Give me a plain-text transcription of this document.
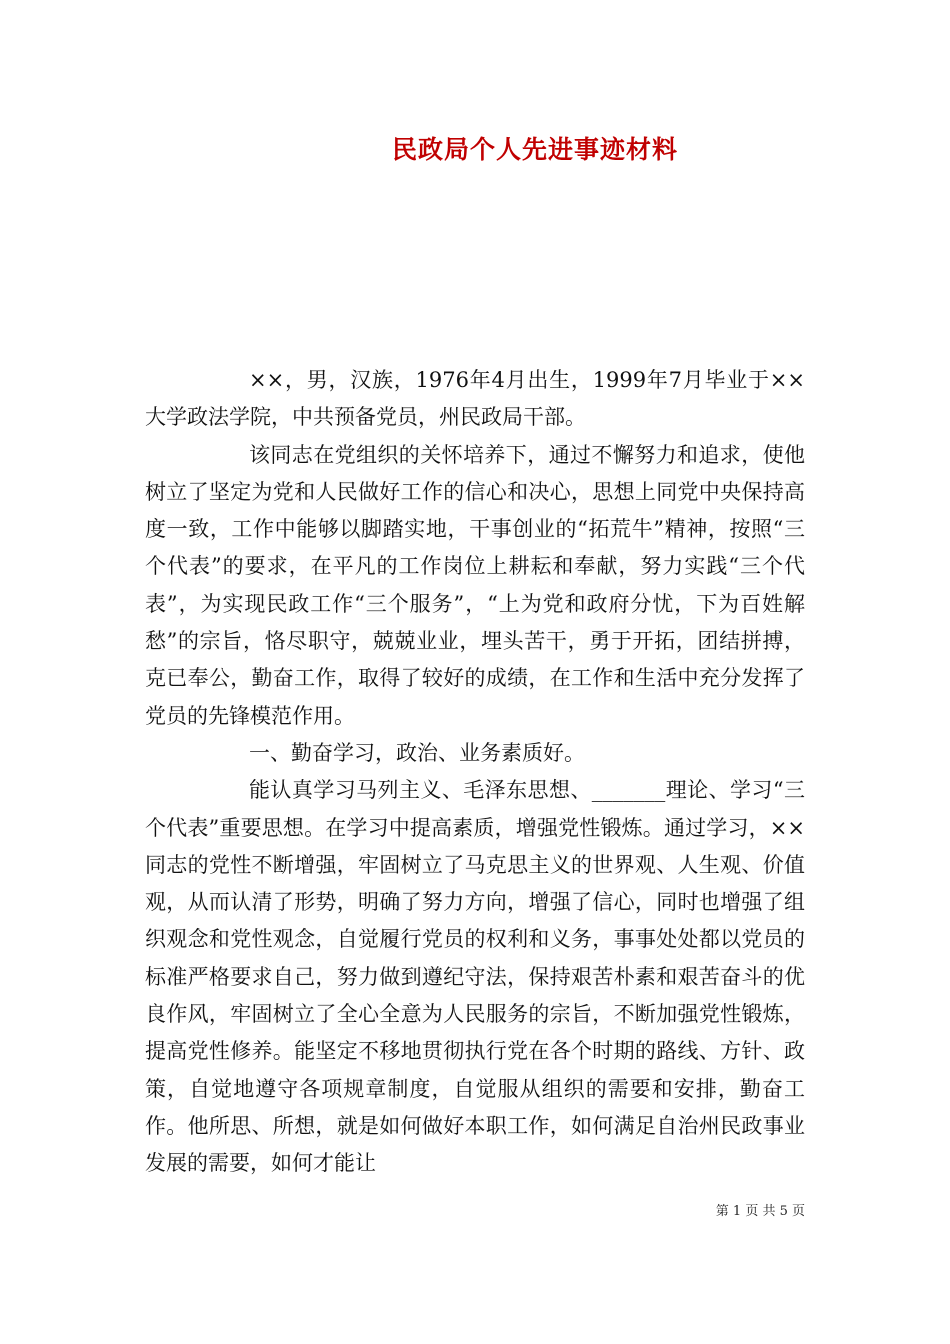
民政局个人先进事迹材料

××，男，汉族，1976年4月出生，1999年7月毕业于××大学政法学院，中共预备党员，州民政局干部。

该同志在党组织的关怀培养下，通过不懈努力和追求，使他树立了坚定为党和人民做好工作的信心和决心，思想上同党中央保持高度一致，工作中能够以脚踏实地，干事创业的“拓荒牛”精神，按照“三个代表”的要求，在平凡的工作岗位上耕耘和奉献，努力实践“三个代表”，为实现民政工作“三个服务”，“上为党和政府分忧，下为百姓解愁”的宗旨，恪尽职守，兢兢业业，埋头苦干，勇于开拓，团结拼搏，克已奉公，勤奋工作，取得了较好的成绩，在工作和生活中充分发挥了党员的先锋模范作用。

一、勤奋学习，政治、业务素质好。

能认真学习马列主义、毛泽东思想、_______理论、学习“三个代表”重要思想。在学习中提高素质，增强党性锻炼。通过学习，××同志的党性不断增强，牢固树立了马克思主义的世界观、人生观、价值观，从而认清了形势，明确了努力方向，增强了信心，同时也增强了组织观念和党性观念，自觉履行党员的权利和义务，事事处处都以党员的标准严格要求自己，努力做到遵纪守法，保持艰苦朴素和艰苦奋斗的优良作风，牢固树立了全心全意为人民服务的宗旨，不断加强党性锻炼，提高党性修养。能坚定不移地贯彻执行党在各个时期的路线、方针、政策，自觉地遵守各项规章制度，自觉服从组织的需要和安排，勤奋工作。他所思、所想，就是如何做好本职工作，如何满足自治州民政事业发展的需要，如何才能让

第 1 页 共 5 页
